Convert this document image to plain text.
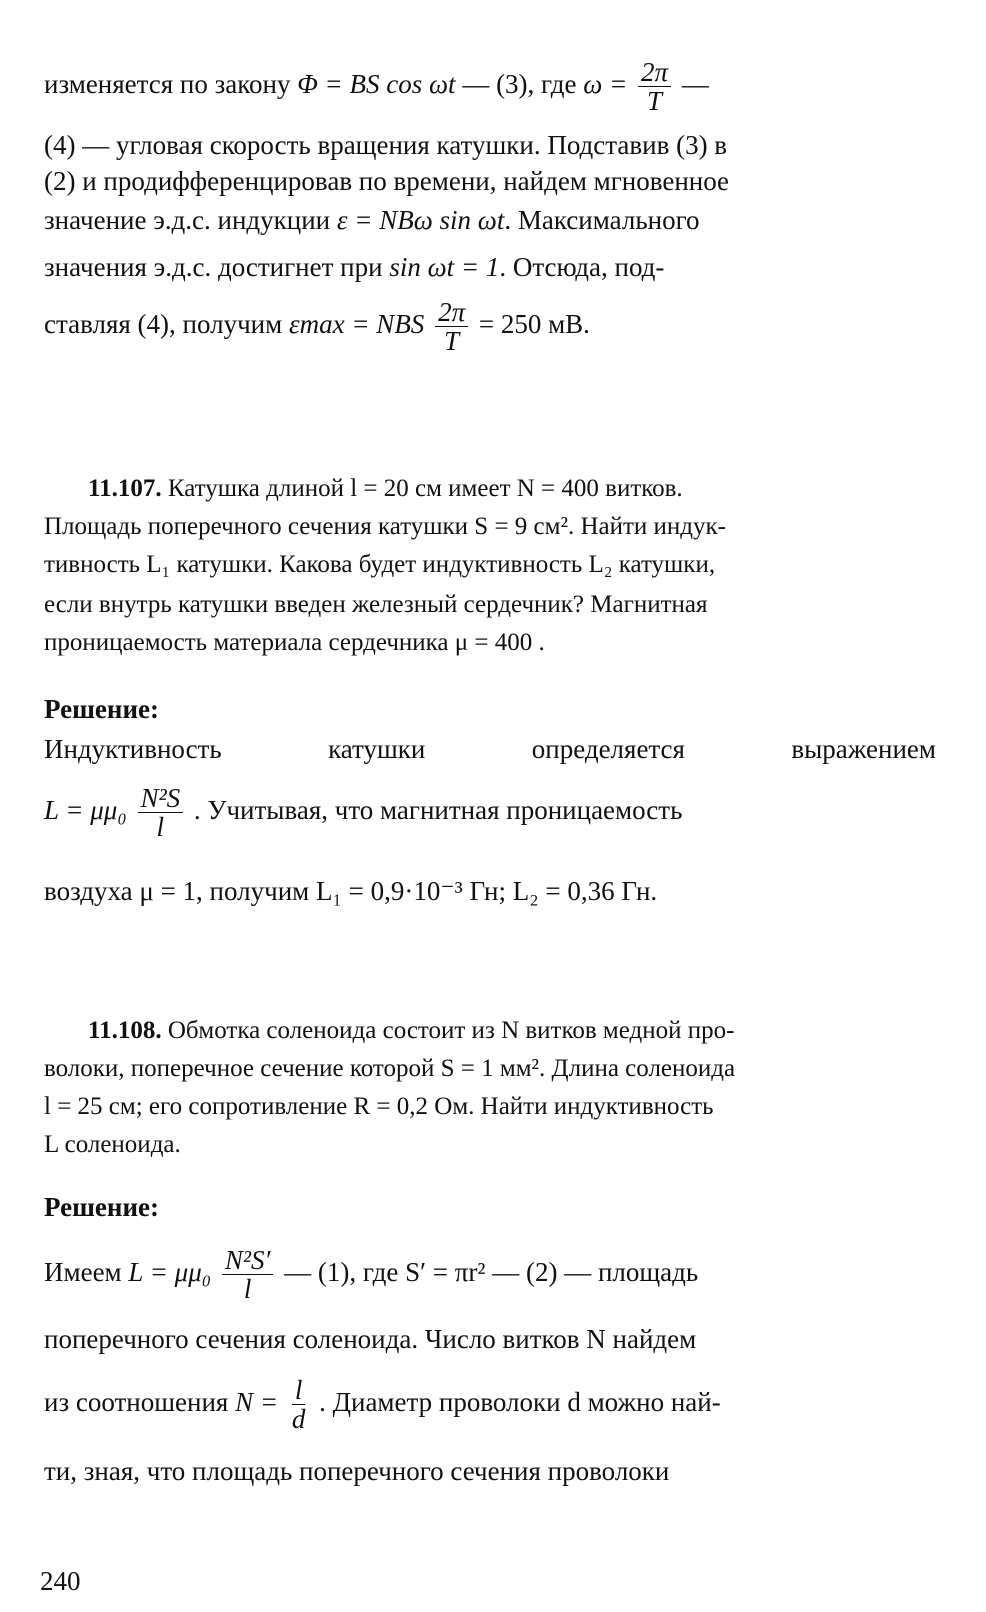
изменяется по закону Φ = BS cos ωt — (3), где $\omega = \frac{2\pi}{T}$ —
(4) — угловая скорость вращения катушки. Подставив (3) в
(2) и продифференцировав по времени, найдем мгновенное
значение э.д.с. индукции ε = NBω sin ωt. Максимального
значения э.д.с. достигнет при sin ωt = 1. Отсюда, под-
ставляя (4), получим εmax = NBS $\frac{2\pi}{T} = 250$ мВ.
11.107. Катушка длиной l = 20 см имеет N = 400 витков.
Площадь поперечного сечения катушки S = 9 см². Найти индук-
тивность L₁ катушки. Какова будет индуктивность L₂ катушки,
если внутрь катушки введен железный сердечник? Магнитная
проницаемость материала сердечника μ = 400 .
Решение:
Индуктивность	катушки	определяется	выражением
$L = \mu\mu_0 \frac{\text{N²S}}{l}$ . Учитывая, что магнитная проницаемость
воздуха μ = 1, получим L₁ = 0,9·10⁻³ Гн; L₂ = 0,36 Гн.
11.108. Обмотка соленоида состоит из N витков медной про-
волоки, поперечное сечение которой S = 1 мм². Длина соленоида
l = 25 см; его сопротивление R = 0,2 Ом. Найти индуктивность
L соленоида.
Решение:
Имеем $L = \mu\mu_0 \frac{\text{N²S′}}{l}$ — (1), где S′ = πr² — (2) — площадь
поперечного сечения соленоида. Число витков N найдем
из соотношения $N = \frac{l}{d}$ . Диаметр проволоки d можно най-
ти, зная, что площадь поперечного сечения проволоки
240
